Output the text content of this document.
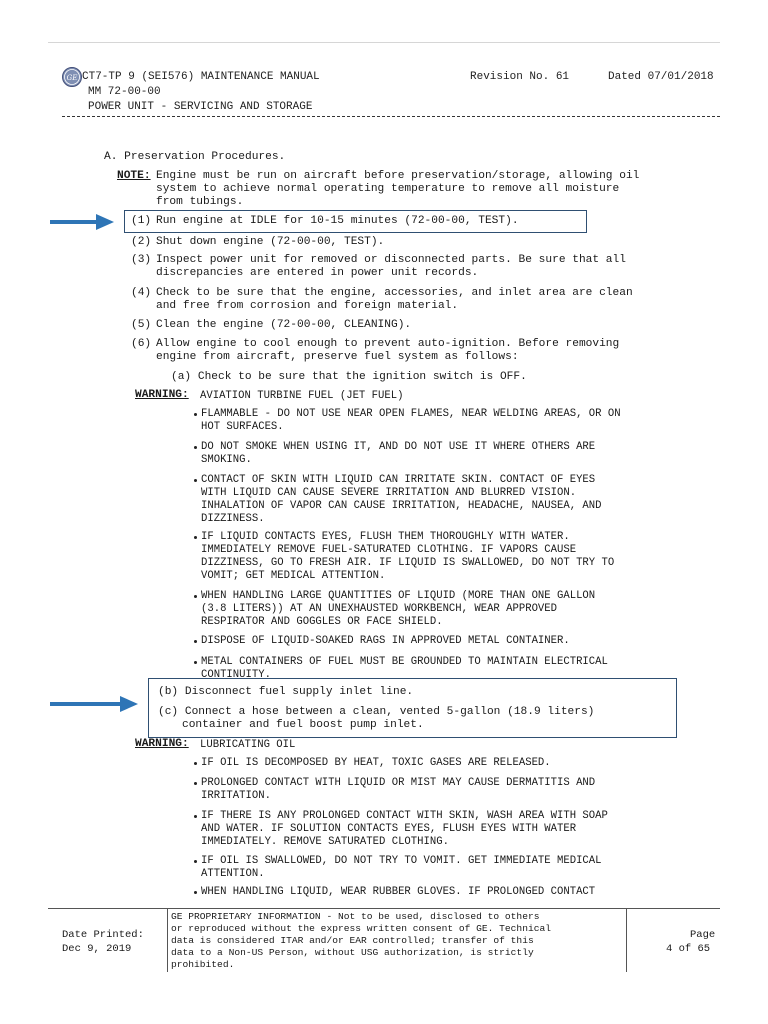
GE CT7-TP 9 (SEI576) MAINTENANCE MANUAL
MM 72-00-00
POWER UNIT - SERVICING AND STORAGE
Revision No. 61	Dated 07/01/2018
A. Preservation Procedures.
NOTE: Engine must be run on aircraft before preservation/storage, allowing oil
system to achieve normal operating temperature to remove all moisture
from tubings.
(1) Run engine at IDLE for 10-15 minutes (72-00-00, TEST).
(2) Shut down engine (72-00-00, TEST).
(3) Inspect power unit for removed or disconnected parts. Be sure that all
discrepancies are entered in power unit records.
(4) Check to be sure that the engine, accessories, and inlet area are clean
and free from corrosion and foreign material.
(5) Clean the engine (72-00-00, CLEANING).
(6) Allow engine to cool enough to prevent auto-ignition. Before removing
engine from aircraft, preserve fuel system as follows:
(a) Check to be sure that the ignition switch is OFF.
WARNING: AVIATION TURBINE FUEL (JET FUEL)
FLAMMABLE - DO NOT USE NEAR OPEN FLAMES, NEAR WELDING AREAS, OR ON
HOT SURFACES.
DO NOT SMOKE WHEN USING IT, AND DO NOT USE IT WHERE OTHERS ARE
SMOKING.
CONTACT OF SKIN WITH LIQUID CAN IRRITATE SKIN. CONTACT OF EYES
WITH LIQUID CAN CAUSE SEVERE IRRITATION AND BLURRED VISION.
INHALATION OF VAPOR CAN CAUSE IRRITATION, HEADACHE, NAUSEA, AND
DIZZINESS.
IF LIQUID CONTACTS EYES, FLUSH THEM THOROUGHLY WITH WATER.
IMMEDIATELY REMOVE FUEL-SATURATED CLOTHING. IF VAPORS CAUSE
DIZZINESS, GO TO FRESH AIR. IF LIQUID IS SWALLOWED, DO NOT TRY TO
VOMIT; GET MEDICAL ATTENTION.
WHEN HANDLING LARGE QUANTITIES OF LIQUID (MORE THAN ONE GALLON
(3.8 LITERS)) AT AN UNEXHAUSTED WORKBENCH, WEAR APPROVED
RESPIRATOR AND GOGGLES OR FACE SHIELD.
DISPOSE OF LIQUID-SOAKED RAGS IN APPROVED METAL CONTAINER.
METAL CONTAINERS OF FUEL MUST BE GROUNDED TO MAINTAIN ELECTRICAL
CONTINUITY.
(b) Disconnect fuel supply inlet line.
(c) Connect a hose between a clean, vented 5-gallon (18.9 liters)
container and fuel boost pump inlet.
WARNING: LUBRICATING OIL
IF OIL IS DECOMPOSED BY HEAT, TOXIC GASES ARE RELEASED.
PROLONGED CONTACT WITH LIQUID OR MIST MAY CAUSE DERMATITIS AND
IRRITATION.
IF THERE IS ANY PROLONGED CONTACT WITH SKIN, WASH AREA WITH SOAP
AND WATER. IF SOLUTION CONTACTS EYES, FLUSH EYES WITH WATER
IMMEDIATELY. REMOVE SATURATED CLOTHING.
IF OIL IS SWALLOWED, DO NOT TRY TO VOMIT. GET IMMEDIATE MEDICAL
ATTENTION.
WHEN HANDLING LIQUID, WEAR RUBBER GLOVES. IF PROLONGED CONTACT
Date Printed:
Dec 9, 2019
GE PROPRIETARY INFORMATION - Not to be used, disclosed to others
or reproduced without the express written consent of GE. Technical
data is considered ITAR and/or EAR controlled; transfer of this
data to a Non-US Person, without USG authorization, is strictly
prohibited.
Page
4 of 65
